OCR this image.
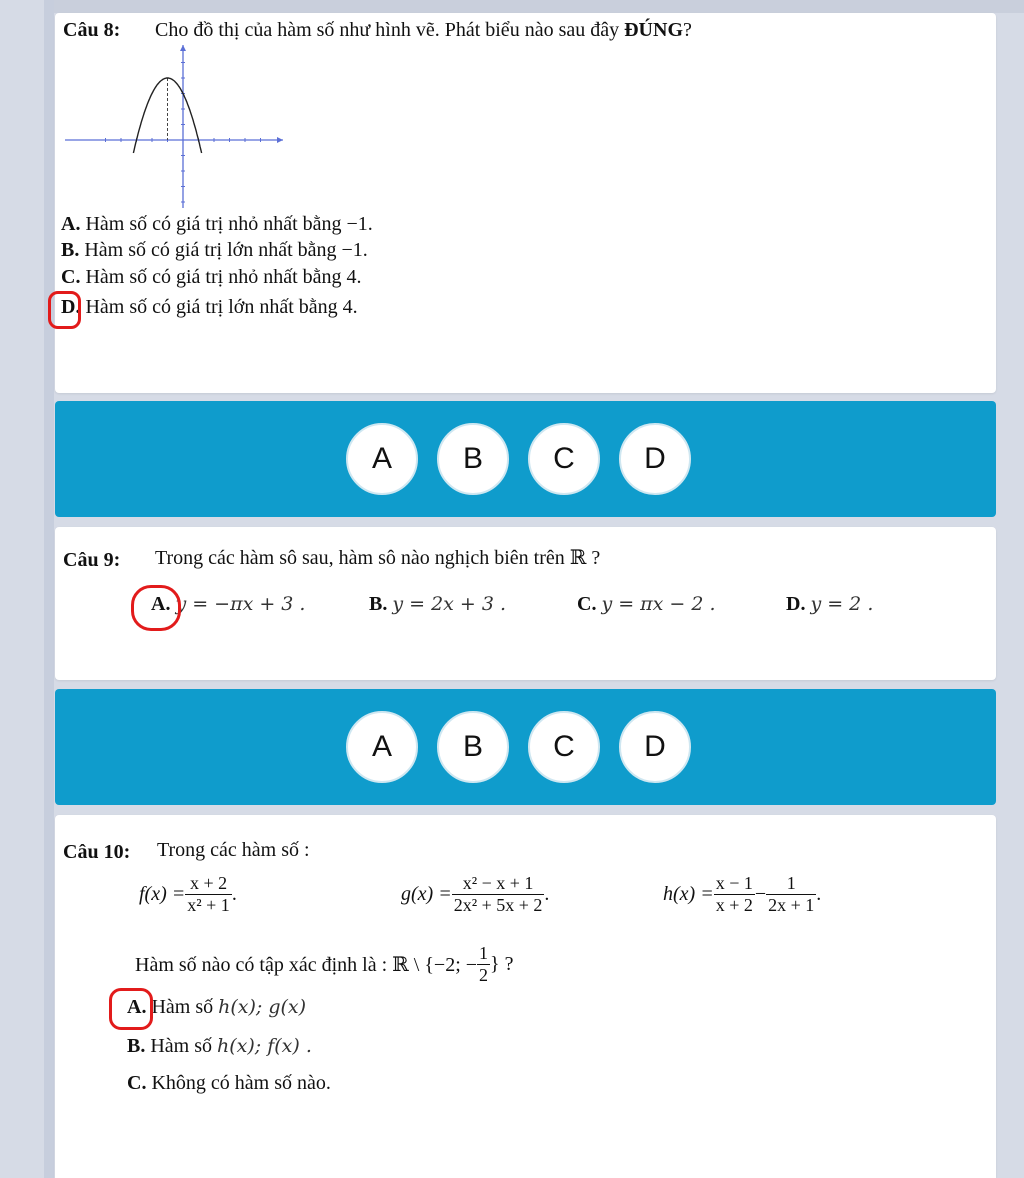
Câu 8: Cho đồ thị của hàm số như hình vẽ. Phát biểu nào sau đây ĐÚNG?
A. Hàm số có giá trị nhỏ nhất bằng −1.
B. Hàm số có giá trị lớn nhất bằng −1.
C. Hàm số có giá trị nhỏ nhất bằng 4.
D. Hàm số có giá trị lớn nhất bằng 4.
A	B	C	D
Câu 9: Trong các hàm sô sau, hàm sô nào nghịch biên trên ℝ ?
A. y = −πx + 3 .	B. y = 2x + 3 .	C. y = πx − 2 .	D. y = 2 .
A	B	C	D
Câu 10: Trong các hàm số :
$f(x) = \frac{x + 2}{\text{x² + 1}}$ .	$g(x) = \frac{\text{x² − x + 1}}{\text{2x² + 5x + 2}}$ .	$h(x) = \frac{x - 1}{x + 2} - \frac{1}{2x + 1}$ .
Hàm số nào có tập xác định là : ℝ \ {−2; − $\frac{1}{2}$ } ?
A. Hàm số h(x); g(x)
B. Hàm số h(x); f(x) .
C. Không có hàm số nào.
